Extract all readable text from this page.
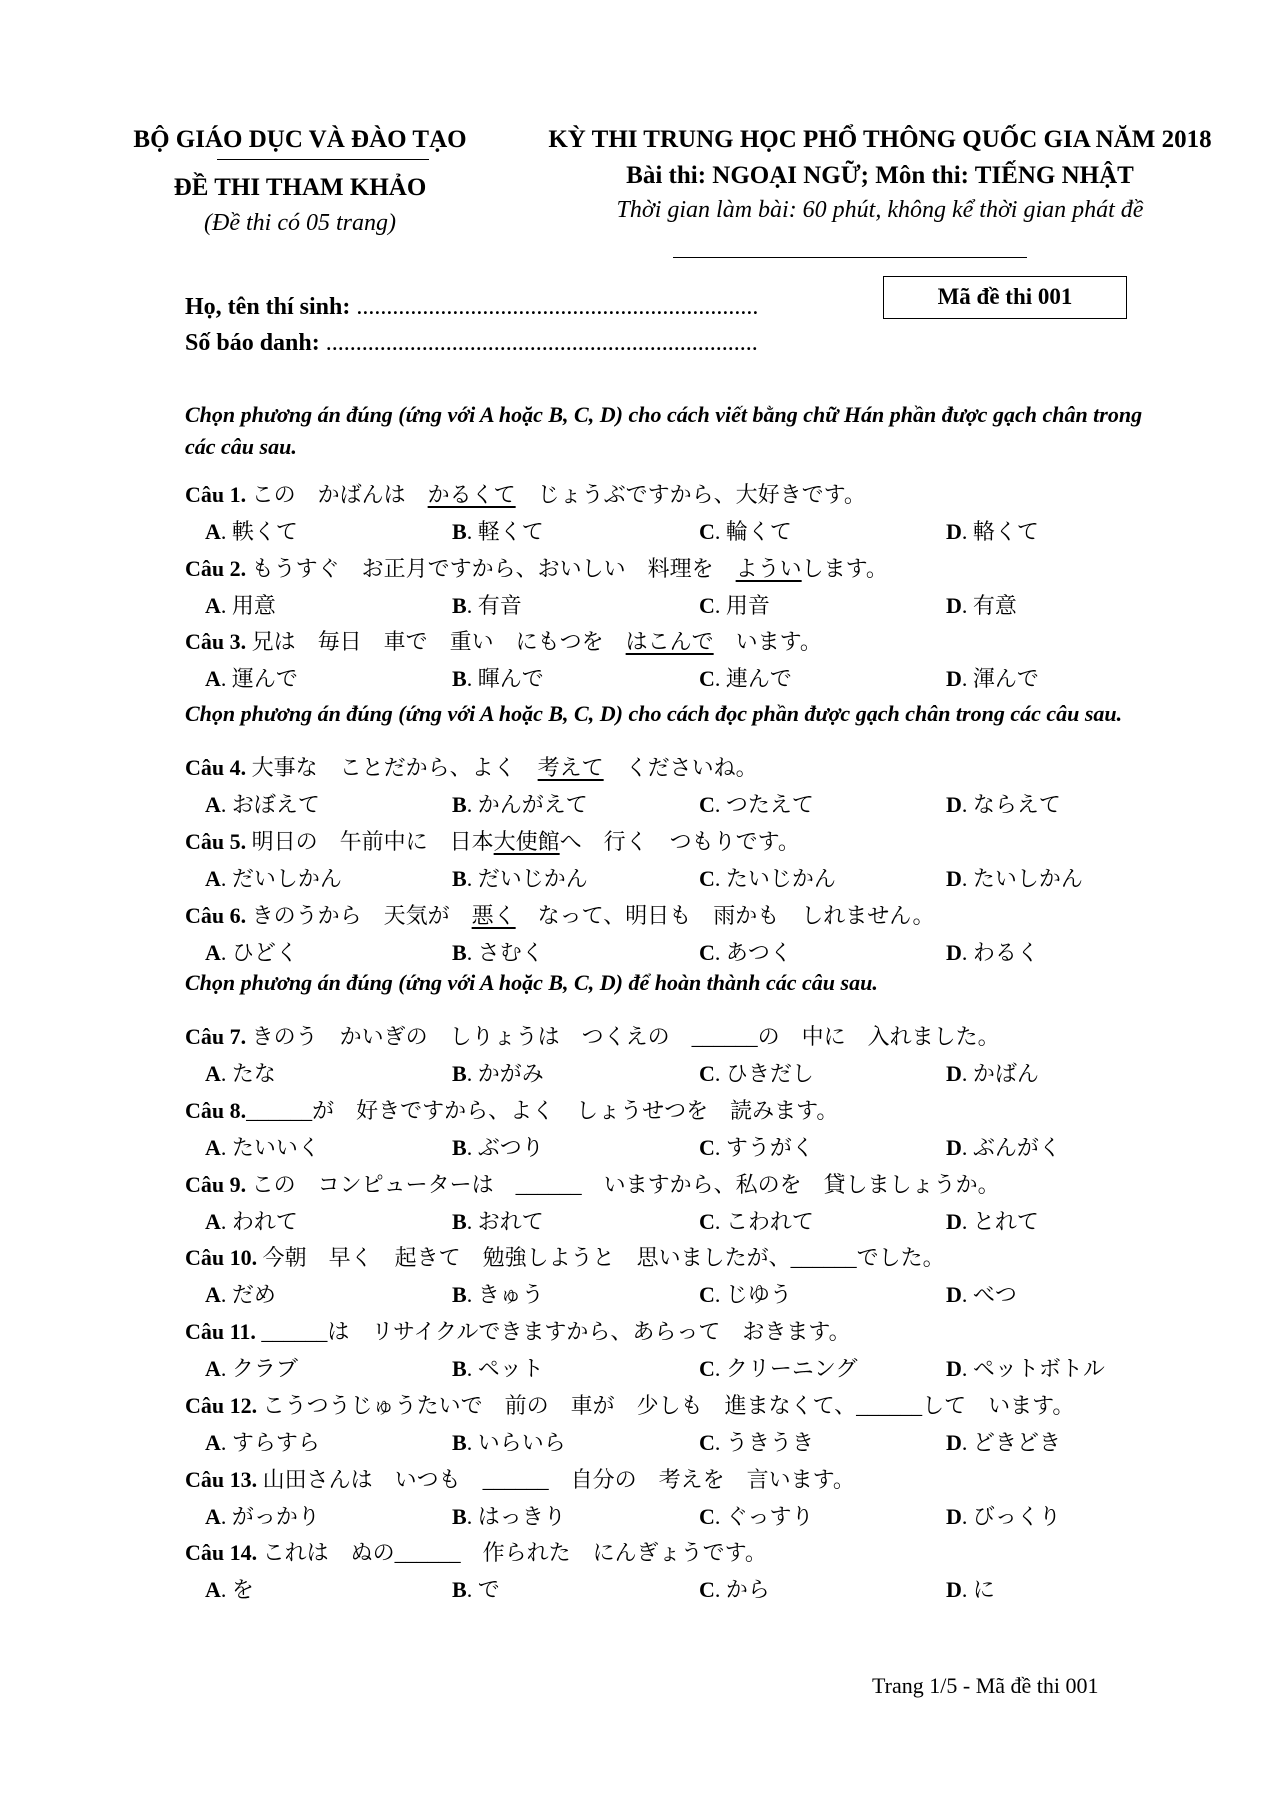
BỘ GIÁO DỤC VÀ ĐÀO TẠO
ĐỀ THI THAM KHẢO
(Đề thi có 05 trang)
KỲ THI TRUNG HỌC PHỔ THÔNG QUỐC GIA NĂM 2018
Bài thi: NGOẠI NGỮ; Môn thi: TIẾNG NHẬT
Thời gian làm bài: 60 phút, không kể thời gian phát đề
Mã đề thi 001
Họ, tên thí sinh: ...................................................................
Số báo danh: ........................................................................
Chọn phương án đúng (ứng với A hoặc B, C, D) cho cách viết bằng chữ Hán phần được gạch chân trong các câu sau.
Chọn phương án đúng (ứng với A hoặc B, C, D) cho cách đọc phần được gạch chân trong các câu sau.
Chọn phương án đúng (ứng với A hoặc B, C, D) để hoàn thành các câu sau.
Câu 1. この　かばんは　かるくて　じょうぶですから、大好きです。
A. 軼くて	B. 軽くて	C. 輪くて	D. 輅くて
Câu 2. もうすぐ　お正月ですから、おいしい　料理を　よういします。
A. 用意	B. 有音	C. 用音	D. 有意
Câu 3. 兄は　毎日　車で　重い　にもつを　はこんで　います。
A. 運んで	B. 暉んで	C. 連んで	D. 渾んで
Câu 4. 大事な　ことだから、よく　考えて　くださいね。
A. おぼえて	B. かんがえて	C. つたえて	D. ならえて
Câu 5. 明日の　午前中に　日本大使館へ　行く　つもりです。
A. だいしかん	B. だいじかん	C. たいじかん	D. たいしかん
Câu 6. きのうから　天気が　悪く　なって、明日も　雨かも　しれません。
A. ひどく	B. さむく	C. あつく	D. わるく
Câu 7. きのう　かいぎの　しりょうは　つくえの　______の　中に　入れました。
A. たな	B. かがみ	C. ひきだし	D. かばん
Câu 8.______が　好きですから、よく　しょうせつを　読みます。
A. たいいく	B. ぶつり	C. すうがく	D. ぶんがく
Câu 9. この　コンピューターは　______　いますから、私のを　貸しましょうか。
A. われて	B. おれて	C. こわれて	D. とれて
Câu 10. 今朝　早く　起きて　勉強しようと　思いましたが、______でした。
A. だめ	B. きゅう	C. じゆう	D. べつ
Câu 11. ______は　リサイクルできますから、あらって　おきます。
A. クラブ	B. ペット	C. クリーニング	D. ペットボトル
Câu 12. こうつうじゅうたいで　前の　車が　少しも　進まなくて、______して　います。
A. すらすら	B. いらいら	C. うきうき	D. どきどき
Câu 13. 山田さんは　いつも　______　自分の　考えを　言います。
A. がっかり	B. はっきり	C. ぐっすり	D. びっくり
Câu 14. これは　ぬの______　作られた　にんぎょうです。
A. を	B. で	C. から	D. に
Trang 1/5 - Mã đề thi 001
